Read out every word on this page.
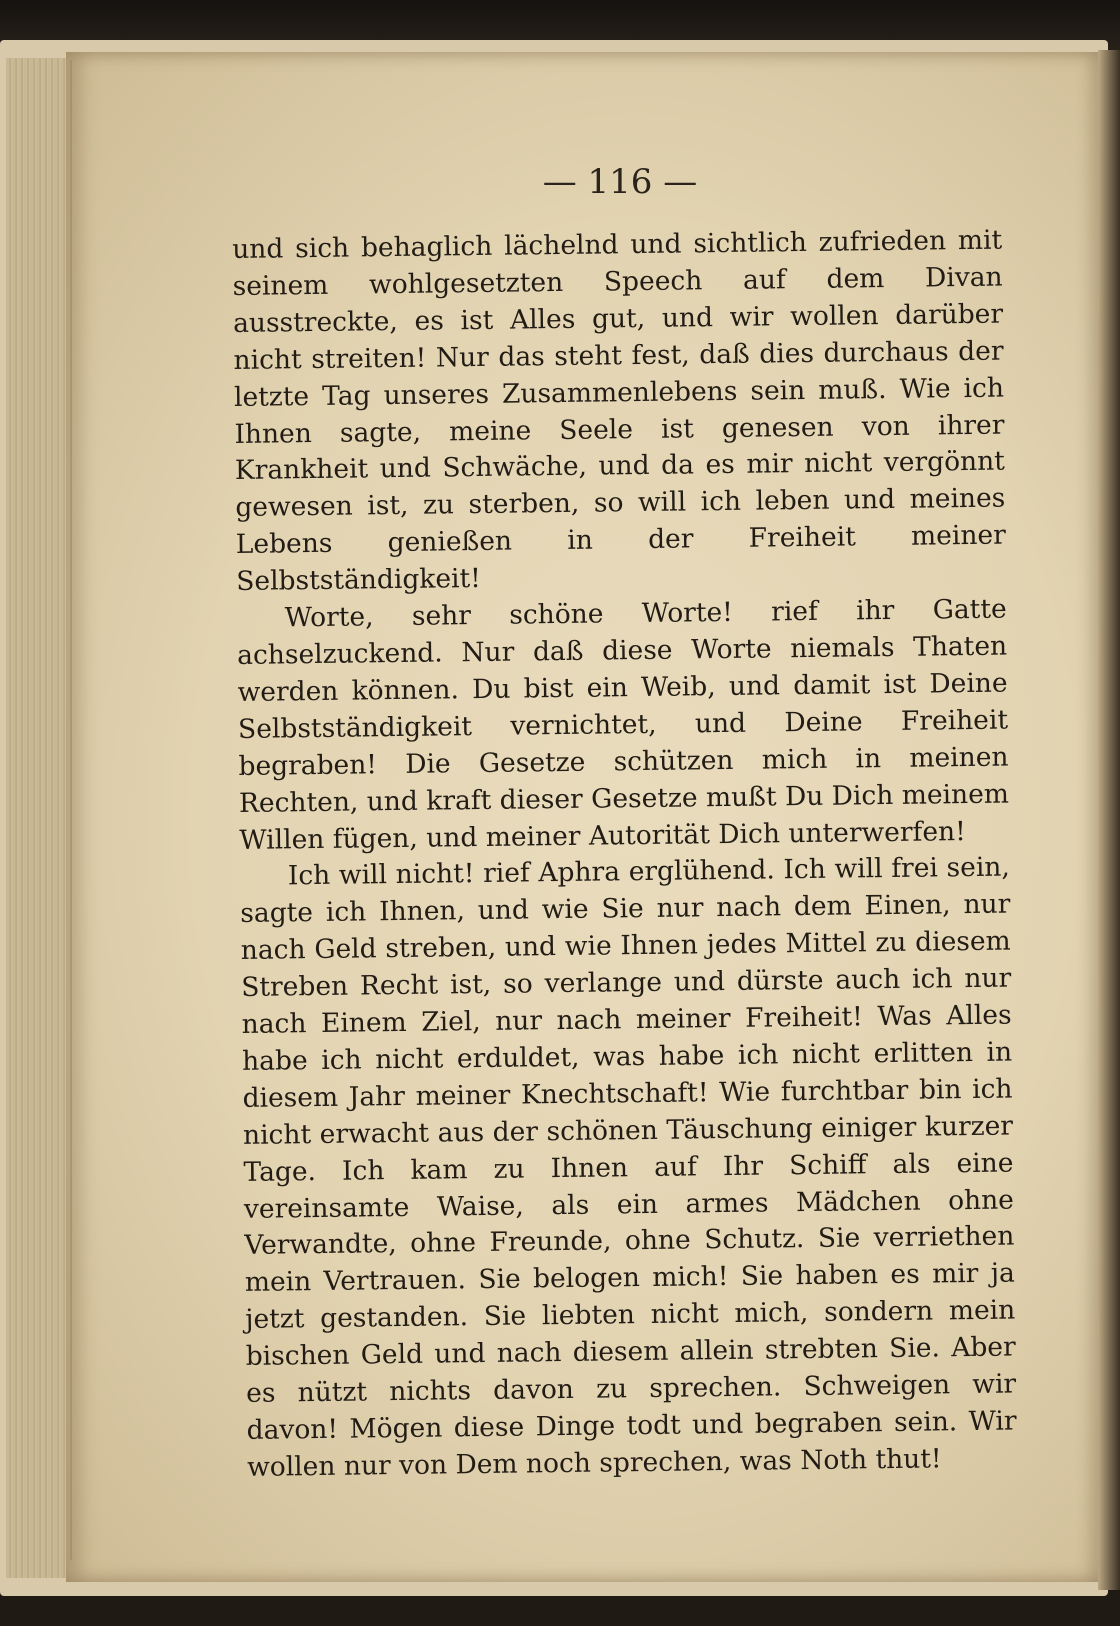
— 116 —

und sich behaglich lächelnd und sichtlich zufrieden mit seinem wohlgesetzten Speech auf dem Divan ausstreckte, es ist Alles gut, und wir wollen darüber nicht streiten! Nur das steht fest, daß dies durchaus der letzte Tag unseres Zusammenlebens sein muß. Wie ich Ihnen sagte, meine Seele ist genesen von ihrer Krankheit und Schwäche, und da es mir nicht vergönnt gewesen ist, zu sterben, so will ich leben und meines Lebens genießen in der Freiheit meiner Selbstständigkeit!

Worte, sehr schöne Worte! rief ihr Gatte achselzuckend. Nur daß diese Worte niemals Thaten werden können. Du bist ein Weib, und damit ist Deine Selbstständigkeit vernichtet, und Deine Freiheit begraben! Die Gesetze schützen mich in meinen Rechten, und kraft dieser Gesetze mußt Du Dich meinem Willen fügen, und meiner Autorität Dich unterwerfen!

Ich will nicht! rief Aphra erglühend. Ich will frei sein, sagte ich Ihnen, und wie Sie nur nach dem Einen, nur nach Geld streben, und wie Ihnen jedes Mittel zu diesem Streben Recht ist, so verlange und dürste auch ich nur nach Einem Ziel, nur nach meiner Freiheit! Was Alles habe ich nicht erduldet, was habe ich nicht erlitten in diesem Jahr meiner Knechtschaft! Wie furchtbar bin ich nicht erwacht aus der schönen Täuschung einiger kurzer Tage. Ich kam zu Ihnen auf Ihr Schiff als eine vereinsamte Waise, als ein armes Mädchen ohne Verwandte, ohne Freunde, ohne Schutz. Sie verriethen mein Vertrauen. Sie belogen mich! Sie haben es mir ja jetzt gestanden. Sie liebten nicht mich, sondern mein bischen Geld und nach diesem allein strebten Sie. Aber es nützt nichts davon zu sprechen. Schweigen wir davon! Mögen diese Dinge todt und begraben sein. Wir wollen nur von Dem noch sprechen, was Noth thut!
